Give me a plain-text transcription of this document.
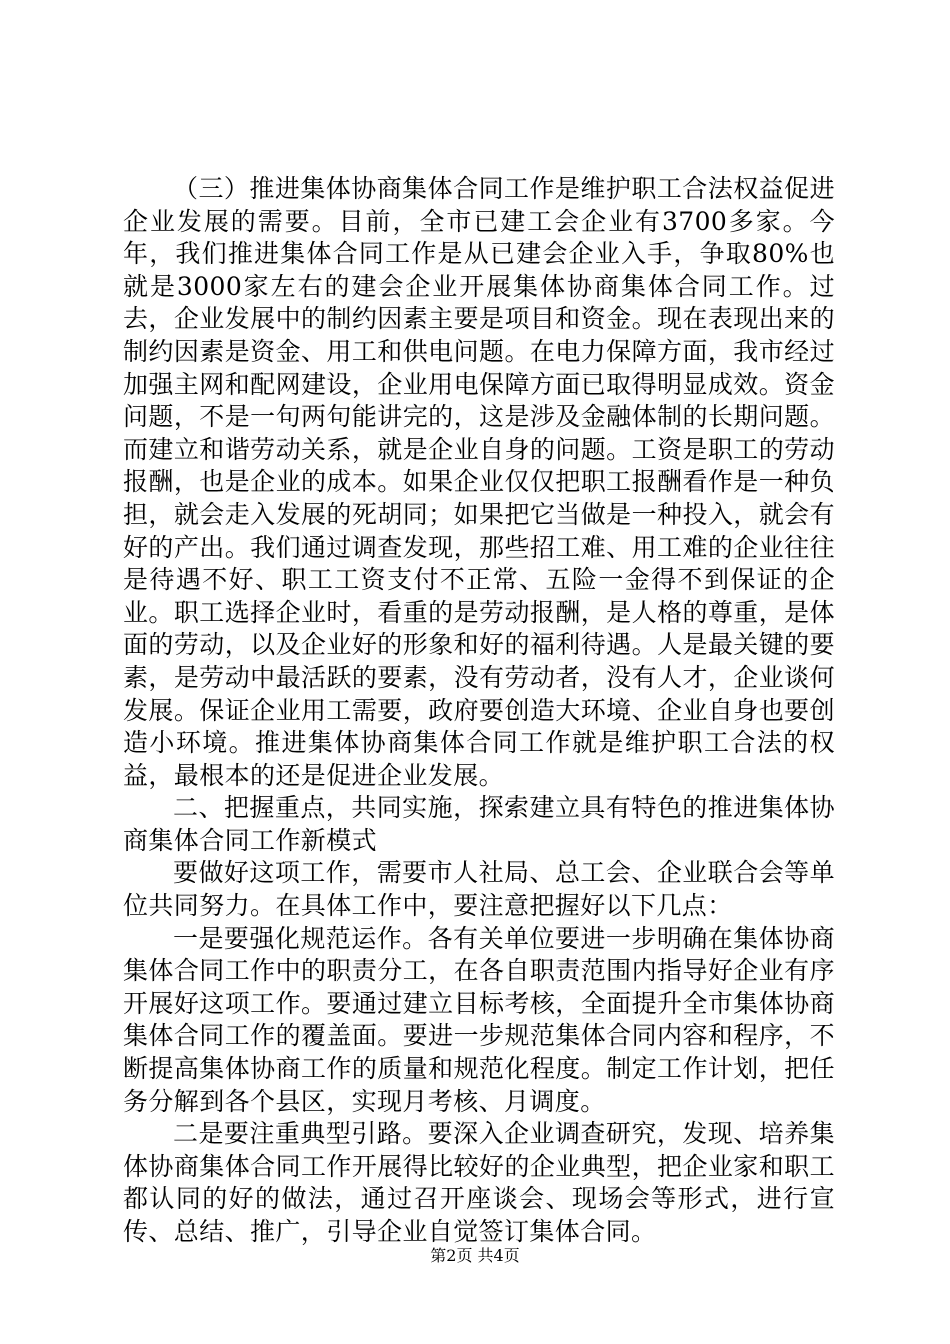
（三）推进集体协商集体合同工作是维护职工合法权益促进企业发展的需要。目前，全市已建工会企业有3700多家。今年，我们推进集体合同工作是从已建会企业入手，争取80%也就是3000家左右的建会企业开展集体协商集体合同工作。过去，企业发展中的制约因素主要是项目和资金。现在表现出来的制约因素是资金、用工和供电问题。在电力保障方面，我市经过加强主网和配网建设，企业用电保障方面已取得明显成效。资金问题，不是一句两句能讲完的，这是涉及金融体制的长期问题。而建立和谐劳动关系，就是企业自身的问题。工资是职工的劳动报酬，也是企业的成本。如果企业仅仅把职工报酬看作是一种负担，就会走入发展的死胡同；如果把它当做是一种投入，就会有好的产出。我们通过调查发现，那些招工难、用工难的企业往往是待遇不好、职工工资支付不正常、五险一金得不到保证的企业。职工选择企业时，看重的是劳动报酬，是人格的尊重，是体面的劳动，以及企业好的形象和好的福利待遇。人是最关键的要素，是劳动中最活跃的要素，没有劳动者，没有人才，企业谈何发展。保证企业用工需要，政府要创造大环境、企业自身也要创造小环境。推进集体协商集体合同工作就是维护职工合法的权益，最根本的还是促进企业发展。

二、把握重点，共同实施，探索建立具有特色的推进集体协商集体合同工作新模式

要做好这项工作，需要市人社局、总工会、企业联合会等单位共同努力。在具体工作中，要注意把握好以下几点：

一是要强化规范运作。各有关单位要进一步明确在集体协商集体合同工作中的职责分工，在各自职责范围内指导好企业有序开展好这项工作。要通过建立目标考核，全面提升全市集体协商集体合同工作的覆盖面。要进一步规范集体合同内容和程序，不断提高集体协商工作的质量和规范化程度。制定工作计划，把任务分解到各个县区，实现月考核、月调度。

二是要注重典型引路。要深入企业调查研究，发现、培养集体协商集体合同工作开展得比较好的企业典型，把企业家和职工都认同的好的做法，通过召开座谈会、现场会等形式，进行宣传、总结、推广，引导企业自觉签订集体合同。

第2页 共4页
